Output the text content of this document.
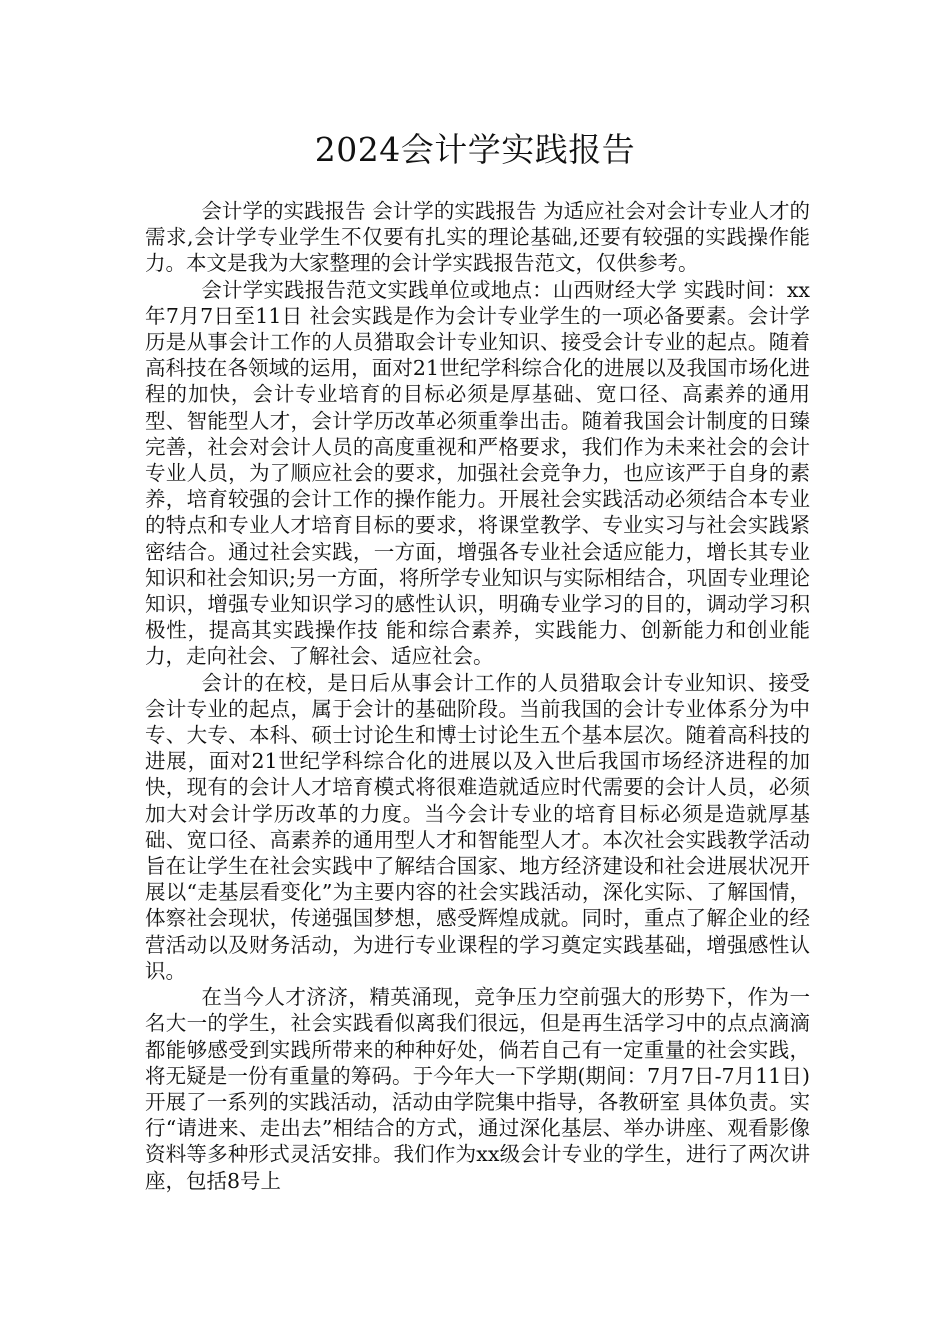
2024会计学实践报告

会计学的实践报告 会计学的实践报告 为适应社会对会计专业人才的需求,会计学专业学生不仅要有扎实的理论基础,还要有较强的实践操作能力。本文是我为大家整理的会计学实践报告范文，仅供参考。

会计学实践报告范文实践单位或地点：山西财经大学 实践时间：xx年7月7日至11日 社会实践是作为会计专业学生的一项必备要素。会计学历是从事会计工作的人员猎取会计专业知识、接受会计专业的起点。随着高科技在各领域的运用，面对21世纪学科综合化的进展以及我国市场化进程的加快，会计专业培育的目标必须是厚基础、宽口径、高素养的通用型、智能型人才，会计学历改革必须重拳出击。随着我国会计制度的日臻完善，社会对会计人员的高度重视和严格要求，我们作为未来社会的会计专业人员，为了顺应社会的要求，加强社会竞争力，也应该严于自身的素养，培育较强的会计工作的操作能力。开展社会实践活动必须结合本专业的特点和专业人才培育目标的要求，将课堂教学、专业实习与社会实践紧密结合。通过社会实践，一方面，增强各专业社会适应能力，增长其专业知识和社会知识;另一方面，将所学专业知识与实际相结合，巩固专业理论知识，增强专业知识学习的感性认识，明确专业学习的目的，调动学习积极性，提高其实践操作技 能和综合素养，实践能力、创新能力和创业能力，走向社会、了解社会、适应社会。

会计的在校，是日后从事会计工作的人员猎取会计专业知识、接受会计专业的起点，属于会计的基础阶段。当前我国的会计专业体系分为中专、大专、本科、硕士讨论生和博士讨论生五个基本层次。随着高科技的进展，面对21世纪学科综合化的进展以及入世后我国市场经济进程的加快，现有的会计人才培育模式将很难造就适应时代需要的会计人员，必须加大对会计学历改革的力度。当今会计专业的培育目标必须是造就厚基础、宽口径、高素养的通用型人才和智能型人才。本次社会实践教学活动旨在让学生在社会实践中了解结合国家、地方经济建设和社会进展状况开展以“走基层看变化”为主要内容的社会实践活动，深化实际、了解国情，体察社会现状，传递强国梦想，感受辉煌成就。同时，重点了解企业的经营活动以及财务活动，为进行专业课程的学习奠定实践基础，增强感性认识。

在当今人才济济，精英涌现，竞争压力空前强大的形势下，作为一名大一的学生，社会实践看似离我们很远，但是再生活学习中的点点滴滴都能够感受到实践所带来的种种好处，倘若自己有一定重量的社会实践，将无疑是一份有重量的筹码。于今年大一下学期(期间：7月7日-7月11日)开展了一系列的实践活动，活动由学院集中指导，各教研室 具体负责。实行“请进来、走出去”相结合的方式，通过深化基层、举办讲座、观看影像资料等多种形式灵活安排。我们作为xx级会计专业的学生，进行了两次讲座，包括8号上
